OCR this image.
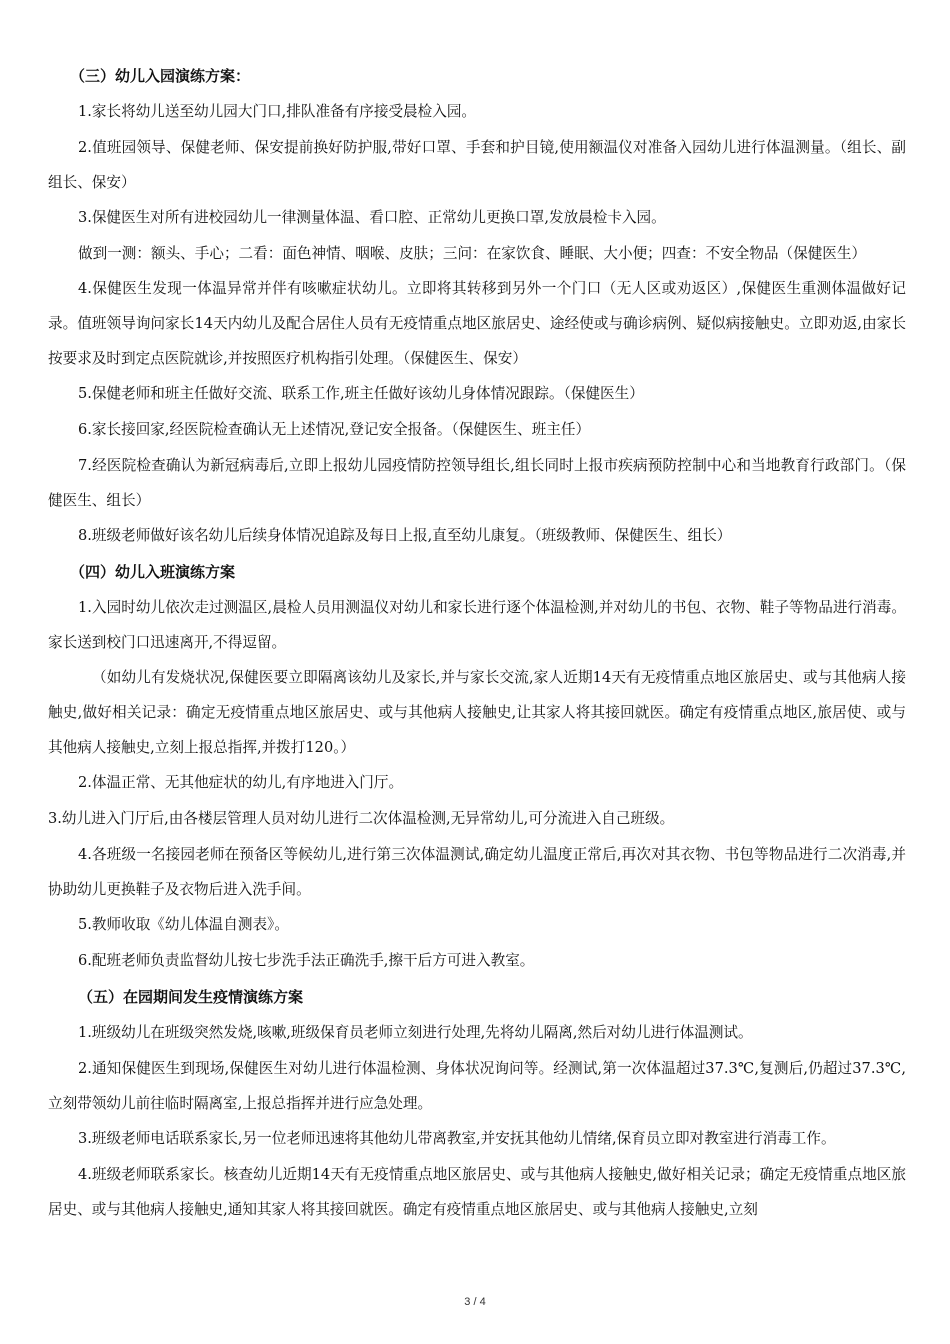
（三）幼儿入园演练方案：

1.家长将幼儿送至幼儿园大门口,排队准备有序接受晨检入园。

2.值班园领导、保健老师、保安提前换好防护服,带好口罩、手套和护目镜,使用额温仪对准备入园幼儿进行体温测量。（组长、副组长、保安）

3.保健医生对所有进校园幼儿一律测量体温、看口腔、正常幼儿更换口罩,发放晨检卡入园。

做到一测：额头、手心；二看：面色神情、咽喉、皮肤；三问：在家饮食、睡眠、大小便；四查：不安全物品（保健医生）

4.保健医生发现一体温异常并伴有咳嗽症状幼儿。立即将其转移到另外一个门口（无人区或劝返区）,保健医生重测体温做好记录。值班领导询问家长14天内幼儿及配合居住人员有无疫情重点地区旅居史、途经使或与确诊病例、疑似病接触史。立即劝返,由家长按要求及时到定点医院就诊,并按照医疗机构指引处理。（保健医生、保安）

5.保健老师和班主任做好交流、联系工作,班主任做好该幼儿身体情况跟踪。（保健医生）

6.家长接回家,经医院检查确认无上述情况,登记安全报备。（保健医生、班主任）

7.经医院检查确认为新冠病毒后,立即上报幼儿园疫情防控领导组长,组长同时上报市疾病预防控制中心和当地教育行政部门。（保健医生、组长）

8.班级老师做好该名幼儿后续身体情况追踪及每日上报,直至幼儿康复。（班级教师、保健医生、组长）

（四）幼儿入班演练方案

1.入园时幼儿依次走过测温区,晨检人员用测温仪对幼儿和家长进行逐个体温检测,并对幼儿的书包、衣物、鞋子等物品进行消毒。家长送到校门口迅速离开,不得逗留。

（如幼儿有发烧状况,保健医要立即隔离该幼儿及家长,并与家长交流,家人近期14天有无疫情重点地区旅居史、或与其他病人接触史,做好相关记录：确定无疫情重点地区旅居史、或与其他病人接触史,让其家人将其接回就医。确定有疫情重点地区,旅居使、或与其他病人接触史,立刻上报总指挥,并拨打120。）

2.体温正常、无其他症状的幼儿,有序地进入门厅。

3.幼儿进入门厅后,由各楼层管理人员对幼儿进行二次体温检测,无异常幼儿,可分流进入自己班级。

4.各班级一名接园老师在预备区等候幼儿,进行第三次体温测试,确定幼儿温度正常后,再次对其衣物、书包等物品进行二次消毒,并协助幼儿更换鞋子及衣物后进入洗手间。

5.教师收取《幼儿体温自测表》。

6.配班老师负责监督幼儿按七步洗手法正确洗手,擦干后方可进入教室。

（五）在园期间发生疫情演练方案

1.班级幼儿在班级突然发烧,咳嗽,班级保育员老师立刻进行处理,先将幼儿隔离,然后对幼儿进行体温测试。

2.通知保健医生到现场,保健医生对幼儿进行体温检测、身体状况询问等。经测试,第一次体温超过37.3℃,复测后,仍超过37.3℃,立刻带领幼儿前往临时隔离室,上报总指挥并进行应急处理。

3.班级老师电话联系家长,另一位老师迅速将其他幼儿带离教室,并安抚其他幼儿情绪,保育员立即对教室进行消毒工作。

4.班级老师联系家长。核查幼儿近期14天有无疫情重点地区旅居史、或与其他病人接触史,做好相关记录；确定无疫情重点地区旅居史、或与其他病人接触史,通知其家人将其接回就医。确定有疫情重点地区旅居史、或与其他病人接触史,立刻

3 / 4
